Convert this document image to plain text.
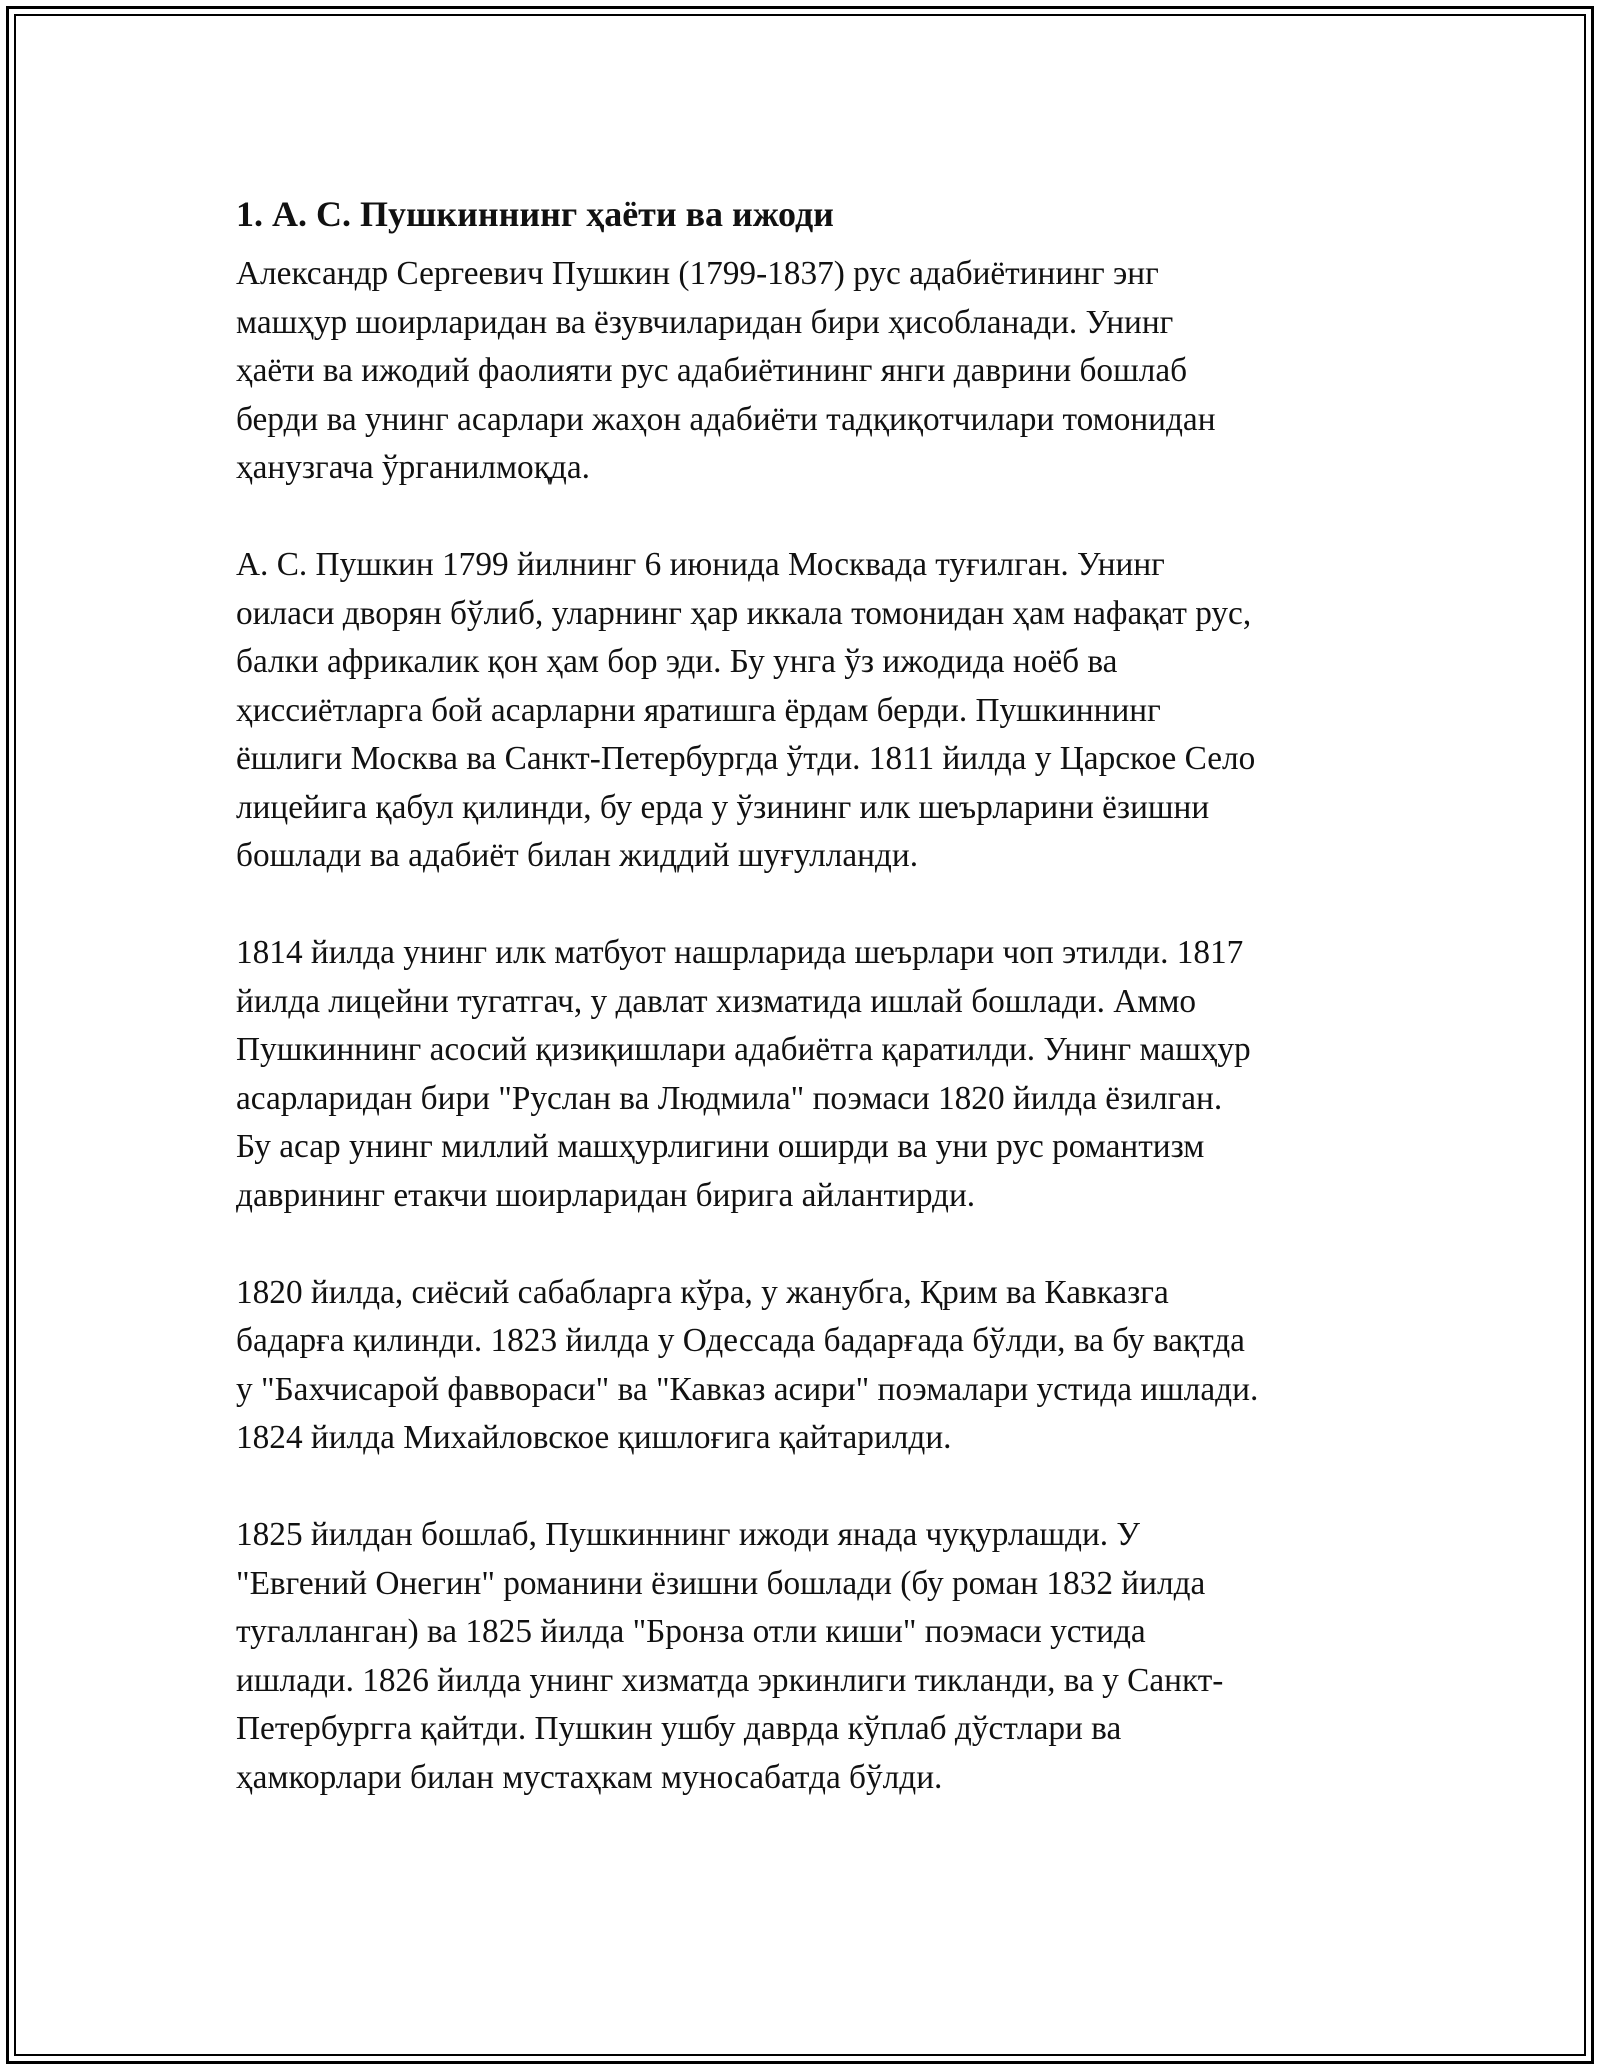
1. А. С. Пушкиннинг ҳаёти ва ижоди
Александр Сергеевич Пушкин (1799-1837) рус адабиётининг энг
машҳур шоирларидан ва ёзувчиларидан бири ҳисобланади. Унинг
ҳаёти ва ижодий фаолияти рус адабиётининг янги даврини бошлаб
берди ва унинг асарлари жаҳон адабиёти тадқиқотчилари томонидан
ҳанузгача ўрганилмоқда.
А. С. Пушкин 1799 йилнинг 6 июнида Москвада туғилган. Унинг
оиласи дворян бўлиб, уларнинг ҳар иккала томонидан ҳам нафақат рус,
балки африкалик қон ҳам бор эди. Бу унга ўз ижодида ноёб ва
ҳиссиётларга бой асарларни яратишга ёрдам берди. Пушкиннинг
ёшлиги Москва ва Санкт-Петербургда ўтди. 1811 йилда у Царское Село
лицейига қабул қилинди, бу ерда у ўзининг илк шеърларини ёзишни
бошлади ва адабиёт билан жиддий шуғулланди.
1814 йилда унинг илк матбуот нашрларида шеърлари чоп этилди. 1817
йилда лицейни тугатгач, у давлат хизматида ишлай бошлади. Аммо
Пушкиннинг асосий қизиқишлари адабиётга қаратилди. Унинг машҳур
асарларидан бири "Руслан ва Людмила" поэмаси 1820 йилда ёзилган.
Бу асар унинг миллий машҳурлигини оширди ва уни рус романтизм
даврининг етакчи шоирларидан бирига айлантирди.
1820 йилда, сиёсий сабабларга кўра, у жанубга, Қрим ва Кавказга
бадарға қилинди. 1823 йилда у Одессада бадарғада бўлди, ва бу вақтда
у "Бахчисарой фаввораси" ва "Кавказ асири" поэмалари устида ишлади.
1824 йилда Михайловское қишлоғига қайтарилди.
1825 йилдан бошлаб, Пушкиннинг ижоди янада чуқурлашди. У
"Евгений Онегин" романини ёзишни бошлади (бу роман 1832 йилда
тугалланган) ва 1825 йилда "Бронза отли киши" поэмаси устида
ишлади. 1826 йилда унинг хизматда эркинлиги тикланди, ва у Санкт-
Петербургга қайтди. Пушкин ушбу даврда кўплаб дўстлари ва
ҳамкорлари билан мустаҳкам муносабатда бўлди.
